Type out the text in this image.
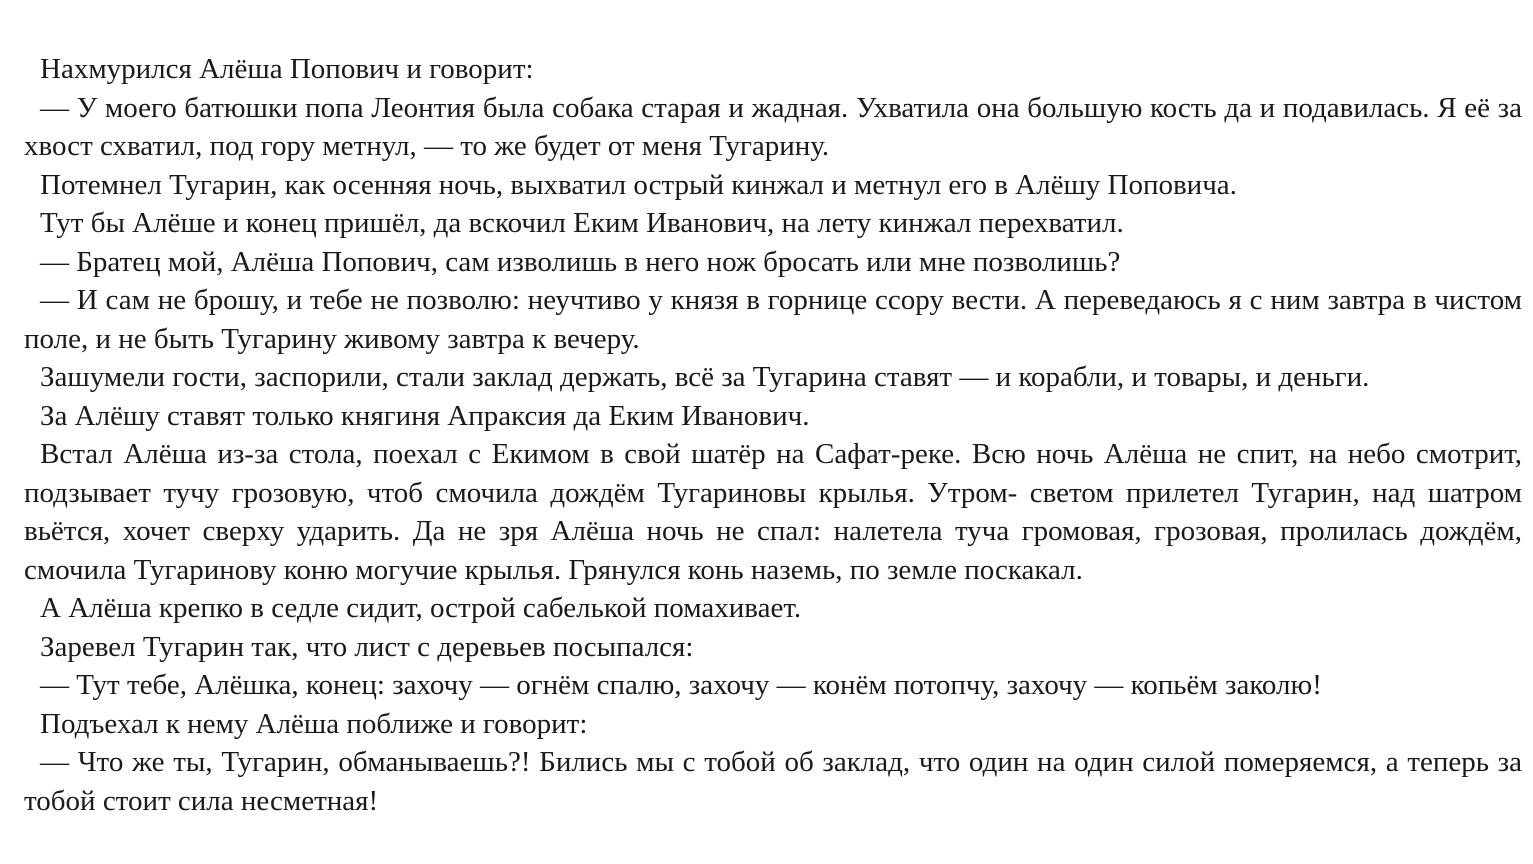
Нахмурился Алёша Попович и говорит:

— У моего батюшки попа Леонтия была собака старая и жадная. Ухватила она большую кость да и подавилась. Я её за хвост схватил, под гору метнул, — то же будет от меня Тугарину.

Потемнел Тугарин, как осенняя ночь, выхватил острый кинжал и метнул его в Алёшу Поповича.

Тут бы Алёше и конец пришёл, да вскочил Еким Иванович, на лету кинжал перехватил.

— Братец мой, Алёша Попович, сам изволишь в него нож бросать или мне позволишь?

— И сам не брошу, и тебе не позволю: неучтиво у князя в горнице ссору вести. А переведаюсь я с ним завтра в чистом поле, и не быть Тугарину живому завтра к вечеру.

Зашумели гости, заспорили, стали заклад держать, всё за Тугарина ставят — и корабли, и товары, и деньги.

За Алёшу ставят только княгиня Апраксия да Еким Иванович.

Встал Алёша из-за стола, поехал с Екимом в свой шатёр на Сафат-реке. Всю ночь Алёша не спит, на небо смотрит, подзывает тучу грозовую, чтоб смочила дождём Тугариновы крылья. Утром- светом прилетел Тугарин, над шатром вьётся, хочет сверху ударить. Да не зря Алёша ночь не спал: налетела туча громовая, грозовая, пролилась дождём, смочила Тугаринову коню могучие крылья. Грянулся конь наземь, по земле поскакал.

А Алёша крепко в седле сидит, острой сабелькой помахивает.

Заревел Тугарин так, что лист с деревьев посыпался:

— Тут тебе, Алёшка, конец: захочу — огнём спалю, захочу — конём потопчу, захочу — копьём заколю!

Подъехал к нему Алёша поближе и говорит:

— Что же ты, Тугарин, обманываешь?! Бились мы с тобой об заклад, что один на один силой померяемся, а теперь за тобой стоит сила несметная!
